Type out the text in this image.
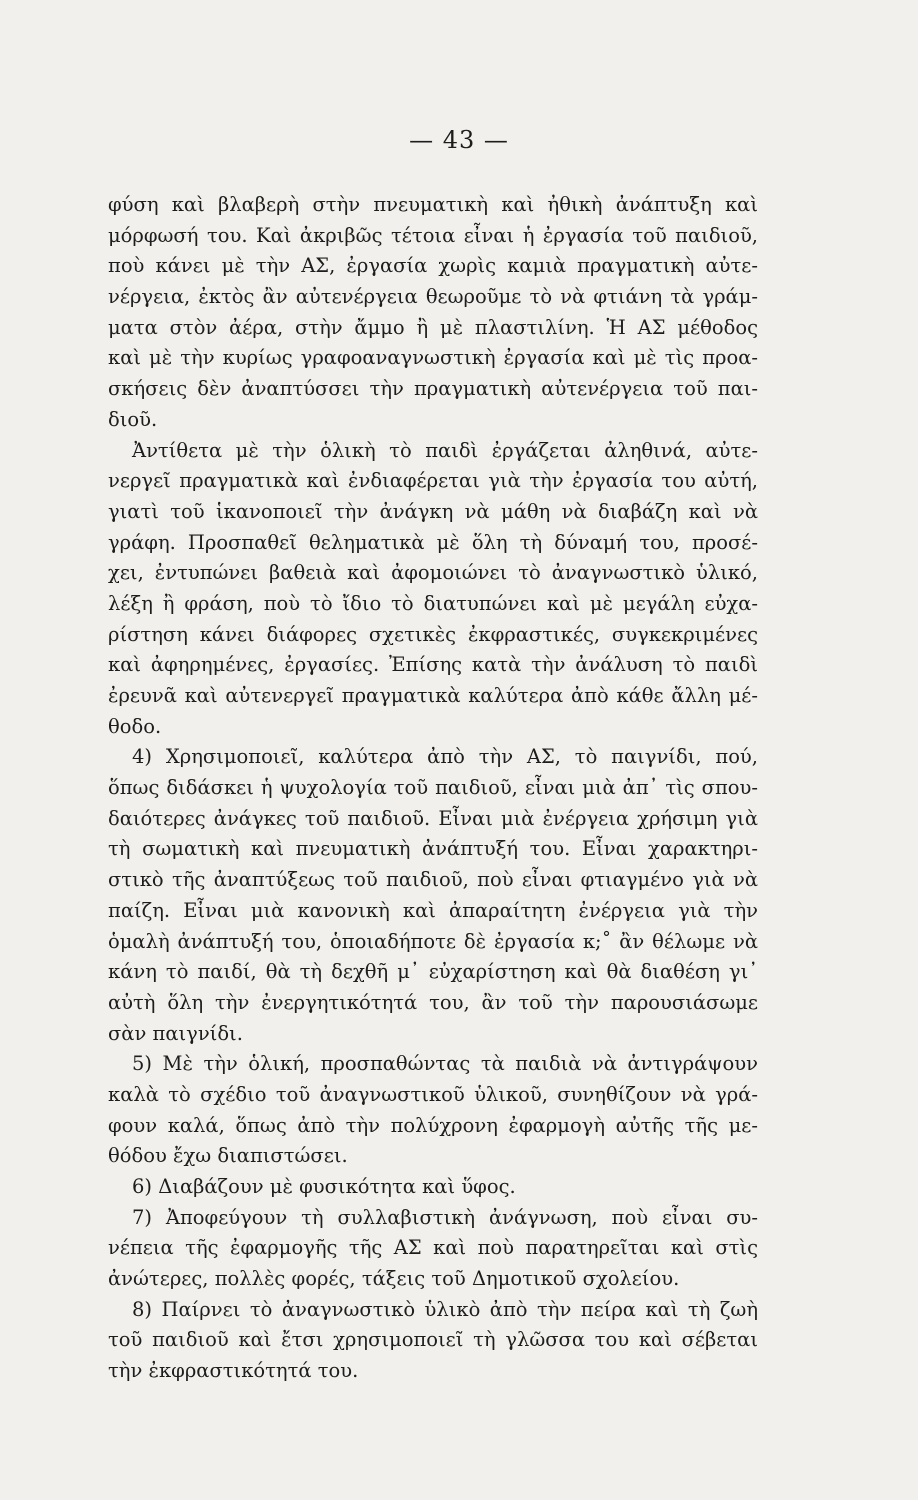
— 43 —
φύση καὶ βλαβερὴ στὴν πνευματικὴ καὶ ἠθικὴ ἀνάπτυξη καὶ
μόρφωσή του. Καὶ ἀκριβῶς τέτοια εἶναι ἡ ἐργασία τοῦ παιδιοῦ,
ποὺ κάνει μὲ τὴν ΑΣ, ἐργασία χωρὶς καμιὰ πραγματικὴ αὐτε-
νέργεια, ἐκτὸς ἂν αὐτενέργεια θεωροῦμε τὸ νὰ φτιάνη τὰ γράμ-
ματα στὸν ἀέρα, στὴν ἄμμο ἢ μὲ πλαστιλίνη. Ἡ ΑΣ μέθοδος
καὶ μὲ τὴν κυρίως γραφοαναγνωστικὴ ἐργασία καὶ μὲ τὶς προα-
σκήσεις δὲν ἀναπτύσσει τὴν πραγματικὴ αὐτενέργεια τοῦ παι-
διοῦ.
Ἀντίθετα μὲ τὴν ὁλικὴ τὸ παιδὶ ἐργάζεται ἀληθινά, αὐτε-
νεργεῖ πραγματικὰ καὶ ἐνδιαφέρεται γιὰ τὴν ἐργασία του αὐτή,
γιατὶ τοῦ ἱκανοποιεῖ τὴν ἀνάγκη νὰ μάθη νὰ διαβάζη καὶ νὰ
γράφη. Προσπαθεῖ θεληματικὰ μὲ ὅλη τὴ δύναμή του, προσέ-
χει, ἐντυπώνει βαθειὰ καὶ ἀφομοιώνει τὸ ἀναγνωστικὸ ὑλικό,
λέξη ἢ φράση, ποὺ τὸ ἴδιο τὸ διατυπώνει καὶ μὲ μεγάλη εὐχα-
ρίστηση κάνει διάφορες σχετικὲς ἐκφραστικές, συγκεκριμένες
καὶ ἀφηρημένες, ἐργασίες. Ἐπίσης κατὰ τὴν ἀνάλυση τὸ παιδὶ
ἐρευνᾶ καὶ αὐτενεργεῖ πραγματικὰ καλύτερα ἀπὸ κάθε ἄλλη μέ-
θοδο.
4) Χρησιμοποιεῖ, καλύτερα ἀπὸ τὴν ΑΣ, τὸ παιγνίδι, πού,
ὅπως διδάσκει ἡ ψυχολογία τοῦ παιδιοῦ, εἶναι μιὰ ἀπ᾽ τὶς σπου-
δαιότερες ἀνάγκες τοῦ παιδιοῦ. Εἶναι μιὰ ἐνέργεια χρήσιμη γιὰ
τὴ σωματικὴ καὶ πνευματικὴ ἀνάπτυξή του. Εἶναι χαρακτηρι-
στικὸ τῆς ἀναπτύξεως τοῦ παιδιοῦ, ποὺ εἶναι φτιαγμένο γιὰ νὰ
παίζη. Εἶναι μιὰ κανονικὴ καὶ ἀπαραίτητη ἐνέργεια γιὰ τὴν
ὁμαλὴ ἀνάπτυξή του, ὁποιαδήποτε δὲ ἐργασία κ;˚ ἂν θέλωμε νὰ
κάνη τὸ παιδί, θὰ τὴ δεχθῆ μ᾽ εὐχαρίστηση καὶ θὰ διαθέση γι᾽
αὐτὴ ὅλη τὴν ἐνεργητικότητά του, ἂν τοῦ τὴν παρουσιάσωμε
σὰν παιγνίδι.
5) Μὲ τὴν ὁλική, προσπαθώντας τὰ παιδιὰ νὰ ἀντιγράψουν
καλὰ τὸ σχέδιο τοῦ ἀναγνωστικοῦ ὑλικοῦ, συνηθίζουν νὰ γρά-
φουν καλά, ὅπως ἀπὸ τὴν πολύχρονη ἐφαρμογὴ αὐτῆς τῆς με-
θόδου ἔχω διαπιστώσει.
6) Διαβάζουν μὲ φυσικότητα καὶ ὕφος.
7) Ἀποφεύγουν τὴ συλλαβιστικὴ ἀνάγνωση, ποὺ εἶναι συ-
νέπεια τῆς ἐφαρμογῆς τῆς ΑΣ καὶ ποὺ παρατηρεῖται καὶ στὶς
ἀνώτερες, πολλὲς φορές, τάξεις τοῦ Δημοτικοῦ σχολείου.
8) Παίρνει τὸ ἀναγνωστικὸ ὑλικὸ ἀπὸ τὴν πείρα καὶ τὴ ζωὴ
τοῦ παιδιοῦ καὶ ἔτσι χρησιμοποιεῖ τὴ γλῶσσα του καὶ σέβεται
τὴν ἐκφραστικότητά του.
